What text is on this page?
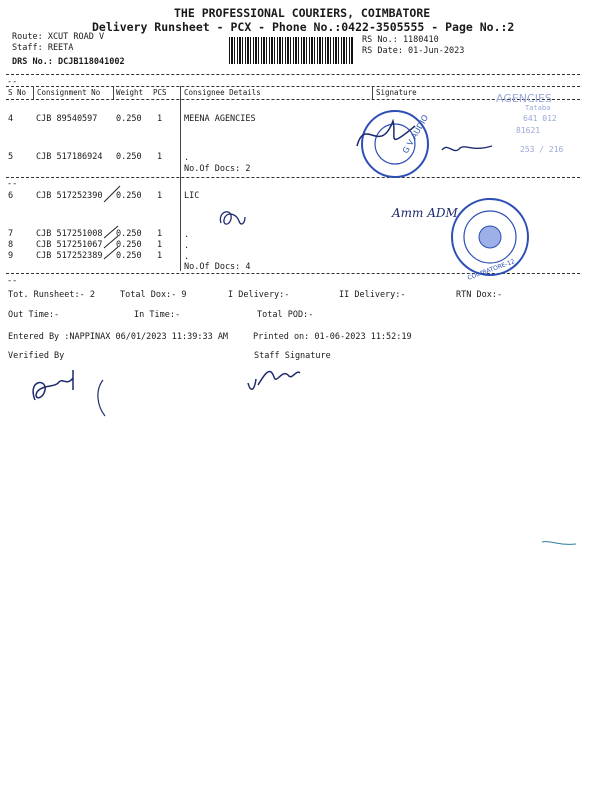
THE PROFESSIONAL COURIERS, COIMBATORE
Delivery Runsheet - PCX - Phone No.:0422-3505555 - Page No.:2
Route: XCUT ROAD V
Staff: REETA
DRS No.: DCJB118041002
RS No.: 1180410
RS Date: 01-Jun-2023
--
S No Consignment No Weight PCS Consignee Details	Signature
4	CJB 89540597 0.250 1	MEENA AGENCIES
5	CJB 517186924 0.250 1	.
No.Of Docs: 2
--
6	CJB 517252390 0.250 1	LIC
7	CJB 517251008 0.250 1	.
8	CJB 517251067 0.250 1	.
9	CJB 517252389 0.250 1	.
No.Of Docs: 4
--
Tot. Runsheet:- 2	Total Dox:- 9	I Delivery:-	II Delivery:-	RTN Dox:-
Out Time:-	In Time:-	Total POD:-
Entered By :NAPPINAX 06/01/2023 11:39:33 AM	Printed on: 01-06-2023 11:52:19
Verified By	Staff Signature
G V AUDIO
AGENCIES
Tataba
641 012
81621
253 / 216
Amm ADM
COIMBATORE-12
